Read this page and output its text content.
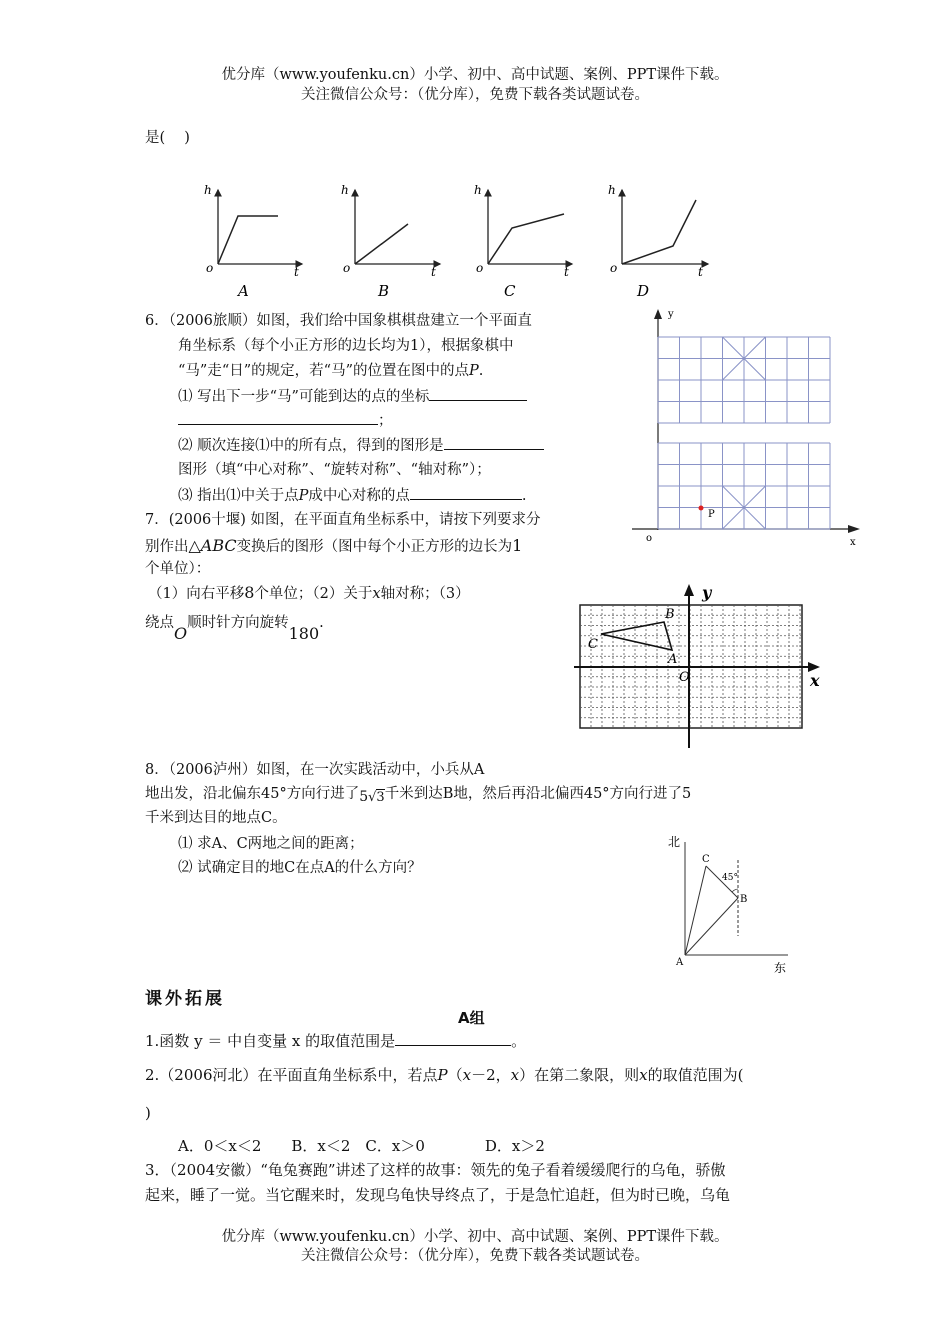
优分库（www.youfenku.cn）小学、初中、高中试题、案例、PPT课件下载。
关注微信公众号：（优分库），免费下载各类试题试卷。
是(　 )
h
o	t
A
h
o	t
B
h
o	t
C
h
o	t
D
6．（2006旅顺）如图，我们给中国象棋棋盘建立一个平面直
角坐标系（每个小正方形的边长均为1），根据象棋中
“马”走“日”的规定，若“马”的位置在图中的点P.
⑴ 写出下一步“马”可能到达的点的坐标
；
⑵ 顺次连接⑴中的所有点，得到的图形是
图形（填“中心对称”、“旋转对称”、“轴对称”）；
⑶ 指出⑴中关于点P成中心对称的点	.
y
x
o
P
7．(2006十堰) 如图，在平面直角坐标系中，请按下列要求分
别作出△ABC变换后的图形（图中每个小正方形的边长为1
个单位）：
（1）向右平移8个单位；（2）关于x轴对称；（3）
绕点O顺时针方向旋转180.
y
x
C
B
A
O
8．（2006泸州）如图，在一次实践活动中，小兵从A
地出发，沿北偏东45°方向行进了5√3千米到达B地，然后再沿北偏西45°方向行进了5
千米到达目的地点C。
⑴ 求A、C两地之间的距离；
⑵ 试确定目的地C在点A的什么方向？
北
东
A
B
C
45°
课外拓展
A组
1.函数 y ＝ 中自变量 x 的取值范围是	。
2.（2006河北）在平面直角坐标系中，若点P（x－2，x）在第二象限，则x的取值范围为(
)
A．0＜x＜2　　B．x＜2　C．x＞0　　　　D．x＞2
3．（2004安徽）“龟兔赛跑”讲述了这样的故事：领先的兔子看着缓缓爬行的乌龟，骄傲
起来，睡了一觉。当它醒来时，发现乌龟快导终点了，于是急忙追赶，但为时已晚，乌龟
优分库（www.youfenku.cn）小学、初中、高中试题、案例、PPT课件下载。
关注微信公众号：（优分库），免费下载各类试题试卷。
